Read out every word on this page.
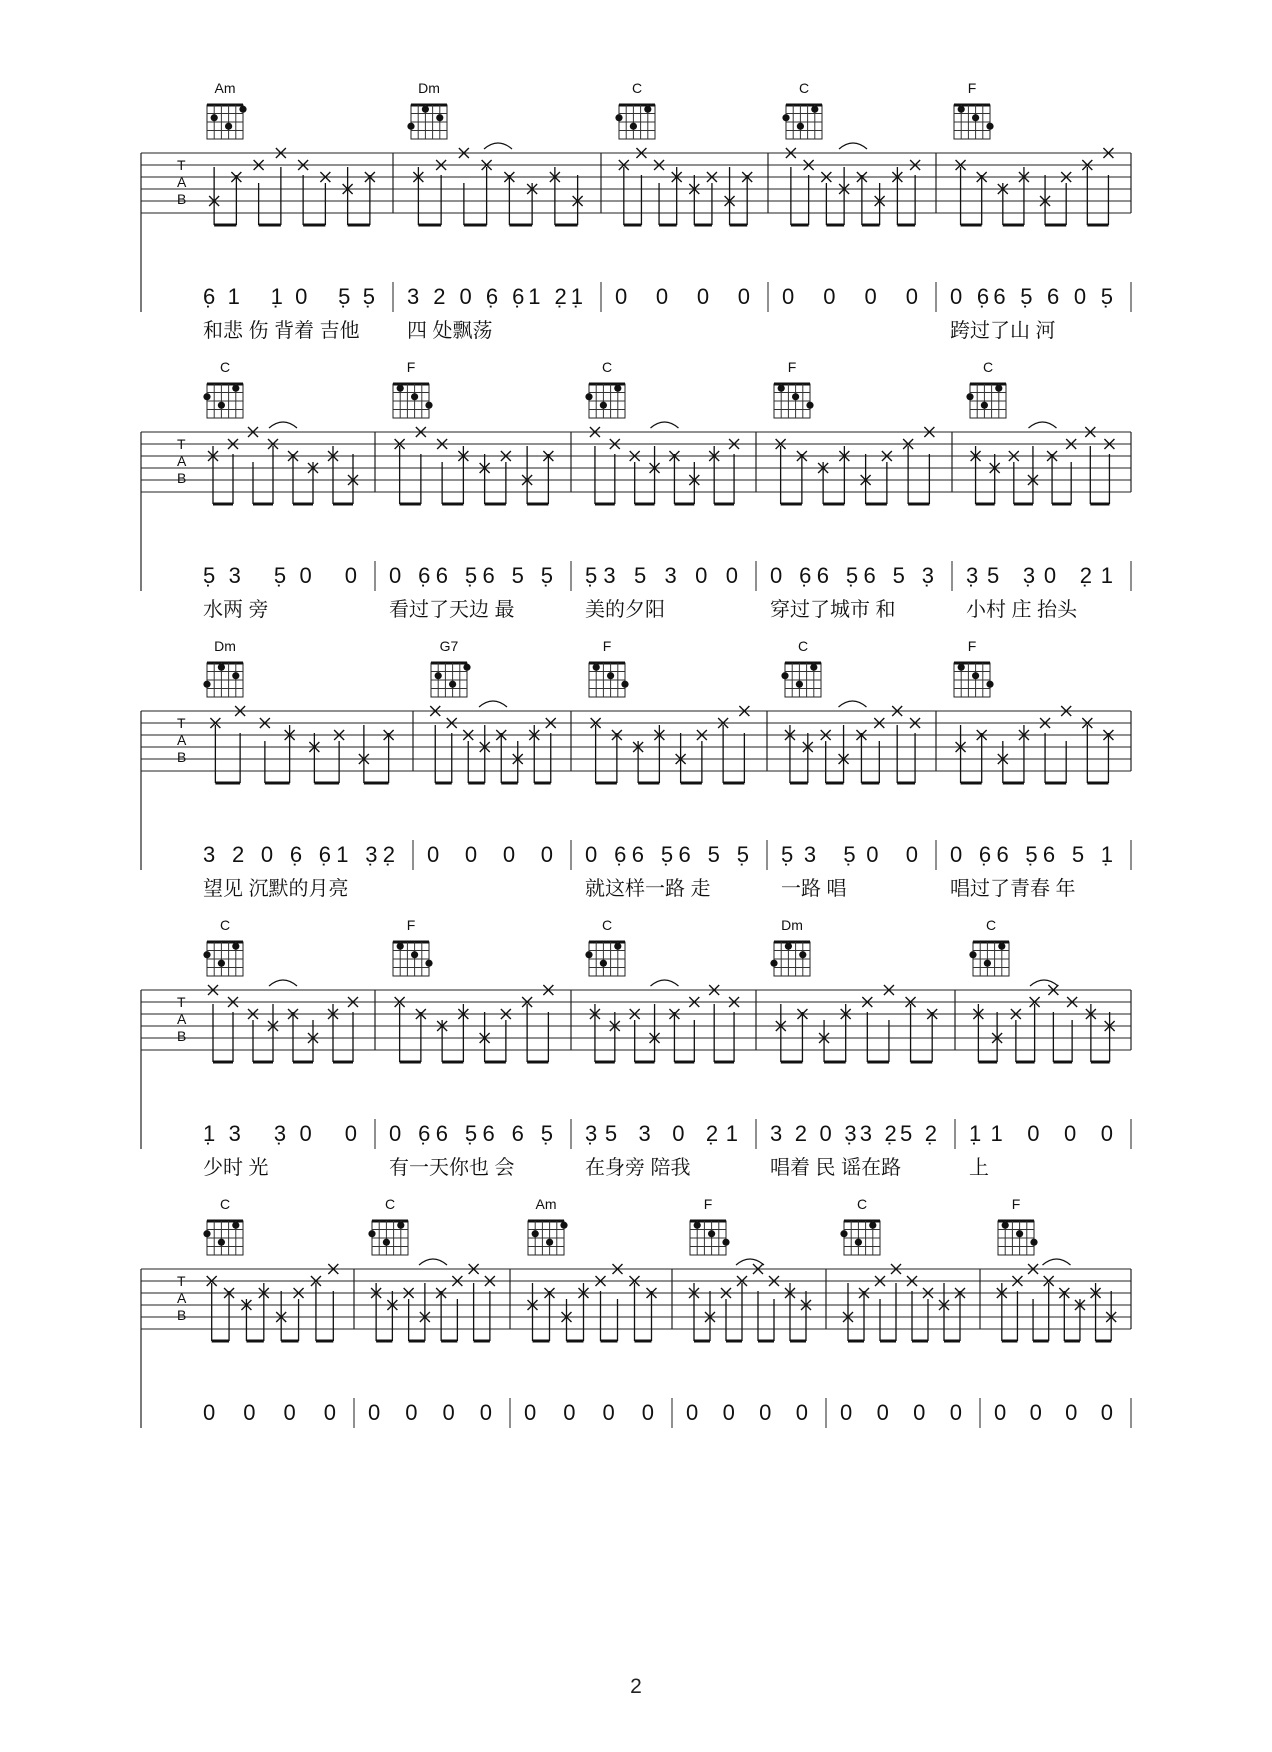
T
A
B
Am
6̣1 1̣0 5̣5̣
和悲 伤 背着 吉他
Dm
3 2 0 6̣ 6̣1 2̣1̣
四 处飘荡
C
0 0 0 0
C
0 0 0 0
F
0 6̣6 5̣ 6 0 5̣
跨过了山 河
T
A
B
C
5̣3 5̣0 0
水两 旁
F
0 6̣6 5̣6 5 5̣
看过了天边 最
C
5̣3 5 3 0 0
美的夕阳
F
0 6̣6 5̣6 5 3̣
穿过了城市 和
C
3̣5 3̣0 2̣1
小村 庄 抬头
T
A
B
Dm
3 2 0 6̣ 6̣1 3̣2̣
望见 沉默的月亮
G7
0 0 0 0
F
0 6̣6 5̣6 5 5̣
就这样一路 走
C
5̣3 5̣0 0
一路 唱
F
0 6̣6 5̣6 5 1̣
唱过了青春 年
T
A
B
C
1̣3 3̣0 0
少时 光
F
0 6̣6 5̣6 6 5̣
有一天你也 会
C
3̣5 3 0 2̣1
在身旁 陪我
Dm
3 2 0 3̣3 2̣5 2̣
唱着 民 谣在路
C
1̣1 0 0 0
上
T
A
B
C
0 0 0 0
C
0 0 0 0
Am
0 0 0 0
F
0 0 0 0
C
0 0 0 0
F
0 0 0 0
2
